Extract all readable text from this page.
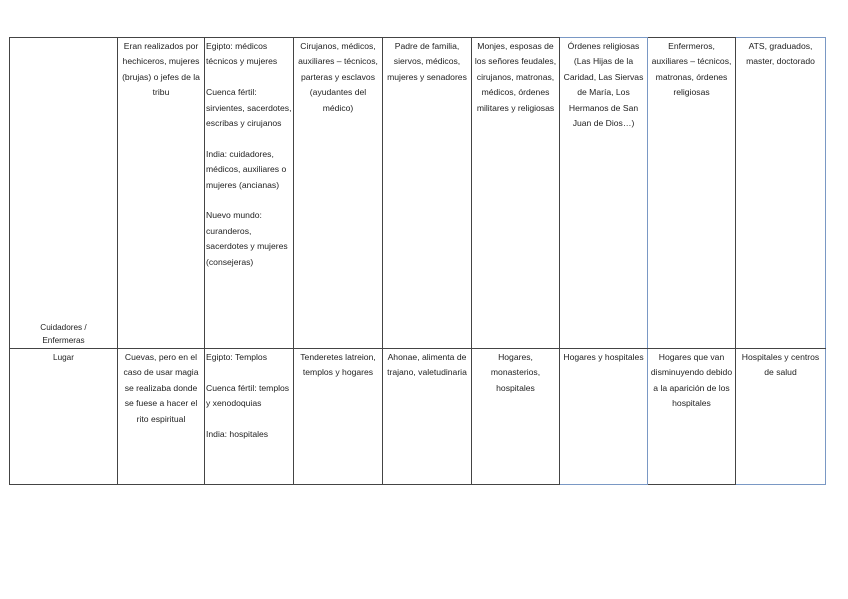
Cuidadores /
Enfermeras	Eran realizados por hechiceros, mujeres (brujas) o jefes de la tribu	Egipto: médicos técnicos y mujeres

Cuenca fértil: sirvientes, sacerdotes, escribas y cirujanos

India: cuidadores, médicos, auxiliares o mujeres (ancianas)

Nuevo mundo: curanderos, sacerdotes y mujeres (consejeras)	Cirujanos, médicos, auxiliares – técnicos, parteras y esclavos (ayudantes del médico)	Padre de familia, siervos, médicos, mujeres y senadores	Monjes, esposas de los señores feudales, cirujanos, matronas, médicos, órdenes militares y religiosas	Órdenes religiosas (Las Hijas de la Caridad, Las Siervas de María, Los Hermanos de San Juan de Dios…)	Enfermeros, auxiliares – técnicos, matronas, órdenes religiosas	ATS, graduados, master, doctorado

Lugar	Cuevas, pero en el caso de usar magia se realizaba donde se fuese a hacer el rito espiritual	Egipto: Templos

Cuenca fértil: templos y xenodoquias

India: hospitales	Tenderetes latreion, templos y hogares	Ahonae, alimenta de trajano, valetudinaria	Hogares, monasterios, hospitales	Hogares y hospitales	Hogares que van disminuyendo debido a la aparición de los hospitales	Hospitales y centros de salud
